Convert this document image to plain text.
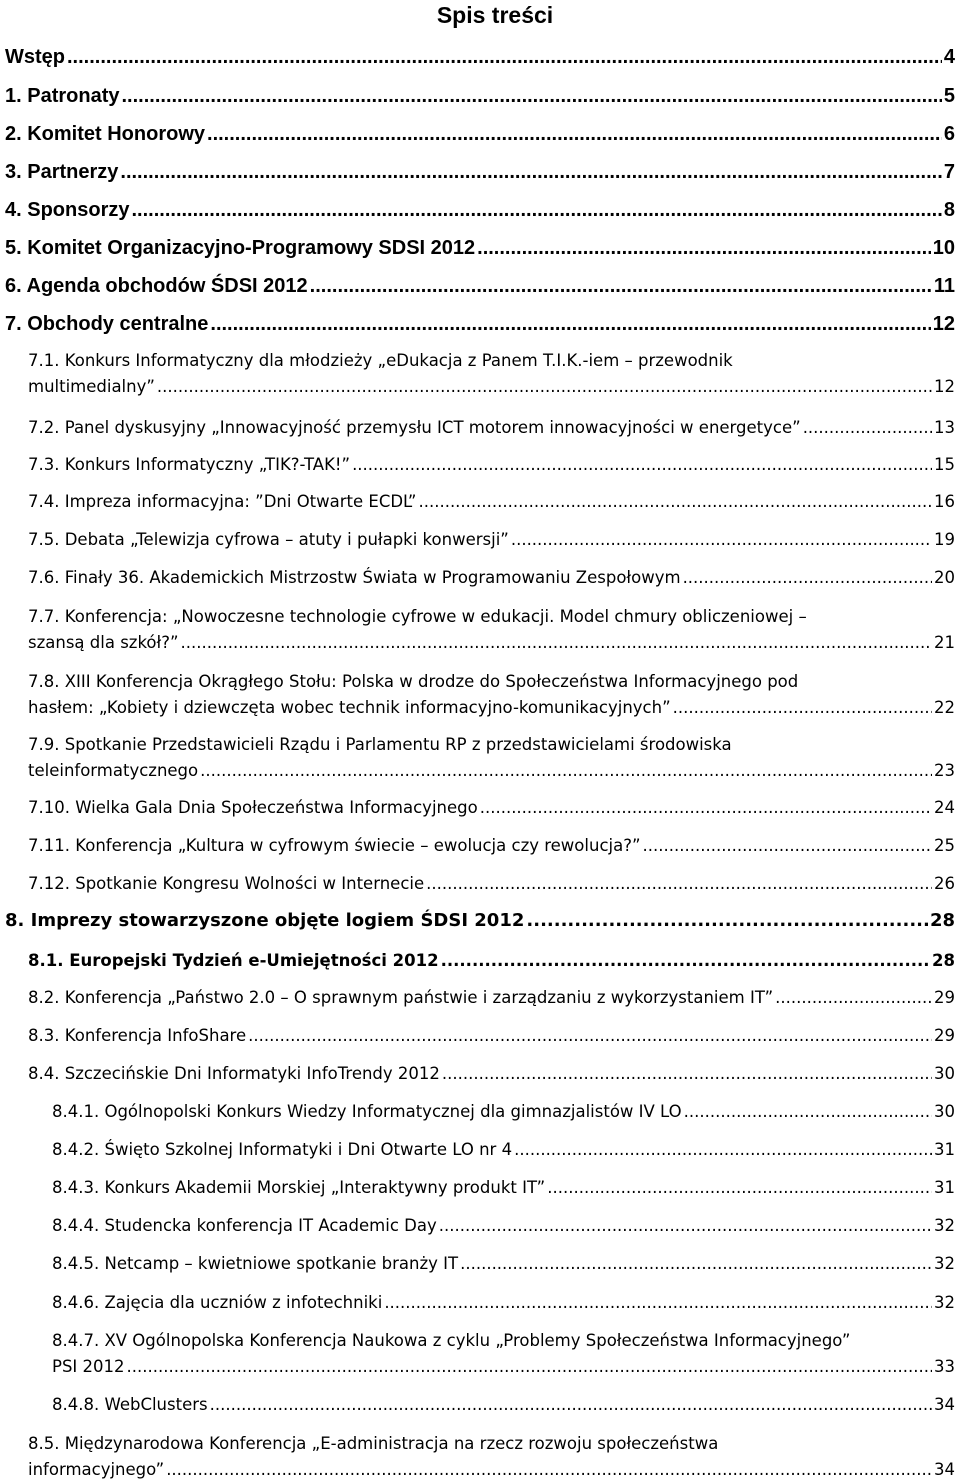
Spis treści
Wstęp .....	4
1. Patronaty .....	5
2. Komitet Honorowy .....	6
3. Partnerzy .....	7
4. Sponsorzy .....	8
5. Komitet Organizacyjno-Programowy SDSI 2012 .....	10
6. Agenda obchodów ŚDSI 2012 .....	11
7. Obchody centralne .....	12
7.1. Konkurs Informatyczny dla młodzieży „eDukacja z Panem T.I.K.-iem – przewodnik
multimedialny” .....	12
7.2. Panel dyskusyjny „Innowacyjność przemysłu ICT motorem innowacyjności w energetyce” .....	13
7.3. Konkurs Informatyczny „TIK?-TAK!” .....	15
7.4. Impreza informacyjna: ”Dni Otwarte ECDL” .....	16
7.5. Debata „Telewizja cyfrowa – atuty i pułapki konwersji” .....	19
7.6. Finały 36. Akademickich Mistrzostw Świata w Programowaniu Zespołowym .....	20
7.7. Konferencja: „Nowoczesne technologie cyfrowe w edukacji. Model chmury obliczeniowej –
szansą dla szkół?” .....	21
7.8. XIII Konferencja Okrągłego Stołu: Polska w drodze do Społeczeństwa Informacyjnego pod
hasłem: „Kobiety i dziewczęta wobec technik informacyjno-komunikacyjnych” .....	22
7.9. Spotkanie Przedstawicieli Rządu i Parlamentu RP z przedstawicielami środowiska
teleinformatycznego .....	23
7.10. Wielka Gala Dnia Społeczeństwa Informacyjnego .....	24
7.11. Konferencja „Kultura w cyfrowym świecie – ewolucja czy rewolucja?” .....	25
7.12. Spotkanie Kongresu Wolności w Internecie .....	26
8. Imprezy stowarzyszone objęte logiem ŚDSI 2012 .....	28
8.1. Europejski Tydzień e-Umiejętności 2012 .....	28
8.2. Konferencja „Państwo 2.0 – O sprawnym państwie i zarządzaniu z wykorzystaniem IT” .....	29
8.3. Konferencja InfoShare .....	29
8.4. Szczecińskie Dni Informatyki InfoTrendy 2012 .....	30
8.4.1. Ogólnopolski Konkurs Wiedzy Informatycznej dla gimnazjalistów IV LO .....	30
8.4.2. Święto Szkolnej Informatyki i Dni Otwarte LO nr 4 .....	31
8.4.3. Konkurs Akademii Morskiej „Interaktywny produkt IT” .....	31
8.4.4. Studencka konferencja IT Academic Day .....	32
8.4.5. Netcamp – kwietniowe spotkanie branży IT .....	32
8.4.6. Zajęcia dla uczniów z infotechniki .....	32
8.4.7. XV Ogólnopolska Konferencja Naukowa z cyklu „Problemy Społeczeństwa Informacyjnego”
PSI 2012 .....	33
8.4.8. WebClusters .....	34
8.5. Międzynarodowa Konferencja „E-administracja na rzecz rozwoju społeczeństwa
informacyjnego” .....	34
